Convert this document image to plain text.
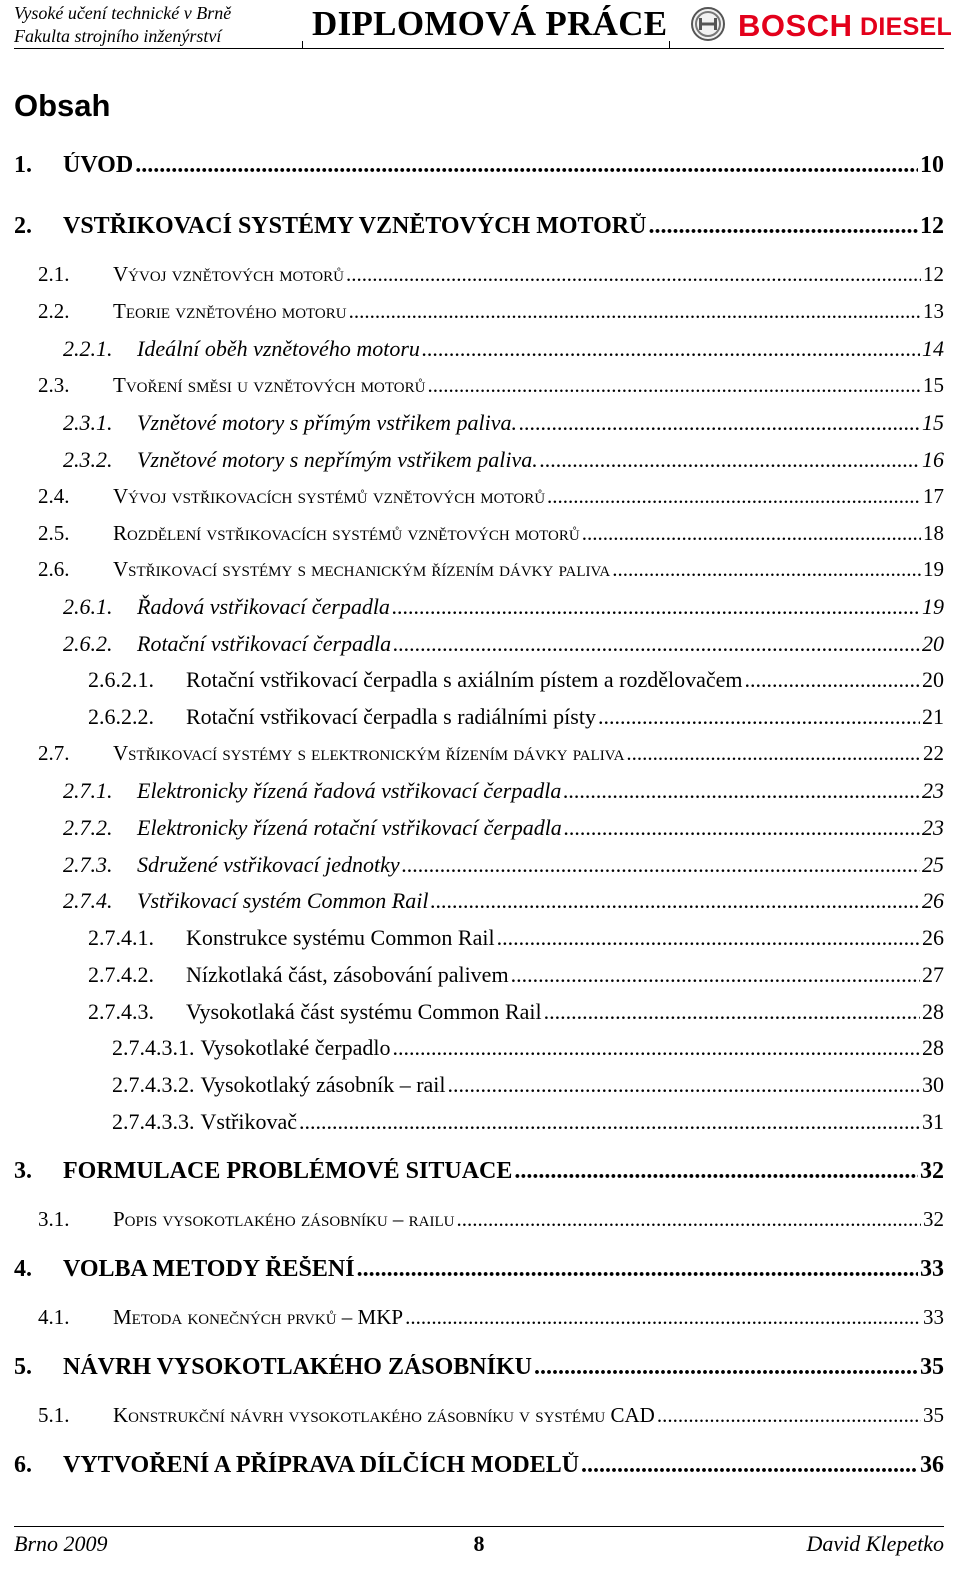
Vysoké učení technické v Brně
Fakulta strojního inženýrství	DIPLOMOVÁ PRÁCE BOSCH DIESEL
Obsah
1.	ÚVOD .....	10
2.	VSTŘIKOVACÍ SYSTÉMY VZNĚTOVÝCH MOTORŮ .....	12
2.1.	Vývoj vznětových motorů .....	12
2.2.	Teorie vznětového motoru .....	13
2.2.1.	Ideální oběh vznětového motoru .....	14
2.3.	Tvoření směsi u vznětových motorů .....	15
2.3.1.	Vznětové motory s přímým vstřikem paliva. .....	15
2.3.2.	Vznětové motory s nepřímým vstřikem paliva. .....	16
2.4.	Vývoj vstřikovacích systémů vznětových motorů .....	17
2.5.	Rozdělení vstřikovacích systémů vznětových motorů .....	18
2.6.	Vstřikovací systémy s mechanickým řízením dávky paliva .....	19
2.6.1.	Řadová vstřikovací čerpadla .....	19
2.6.2.	Rotační vstřikovací čerpadla .....	20
2.6.2.1.	Rotační vstřikovací čerpadla s axiálním pístem a rozdělovačem .....	20
2.6.2.2.	Rotační vstřikovací čerpadla s radiálními písty .....	21
2.7.	Vstřikovací systémy s elektronickým řízením dávky paliva .....	22
2.7.1.	Elektronicky řízená řadová vstřikovací čerpadla .....	23
2.7.2.	Elektronicky řízená rotační vstřikovací čerpadla .....	23
2.7.3.	Sdružené vstřikovací jednotky .....	25
2.7.4.	Vstřikovací systém Common Rail .....	26
2.7.4.1.	Konstrukce systému Common Rail .....	26
2.7.4.2.	Nízkotlaká část, zásobování palivem .....	27
2.7.4.3.	Vysokotlaká část systému Common Rail .....	28
2.7.4.3.1. Vysokotlaké čerpadlo .....	28
2.7.4.3.2. Vysokotlaký zásobník – rail .....	30
2.7.4.3.3. Vstřikovač .....	31
3.	FORMULACE PROBLÉMOVÉ SITUACE .....	32
3.1.	Popis vysokotlakého zásobníku – railu .....	32
4.	VOLBA METODY ŘEŠENÍ .....	33
4.1.	Metoda konečných prvků – MKP .....	33
5.	NÁVRH VYSOKOTLAKÉHO ZÁSOBNÍKU .....	35
5.1.	Konstrukční návrh vysokotlakého zásobníku v systému CAD .....	35
6.	VYTVOŘENÍ A PŘÍPRAVA DÍLČÍCH MODELŮ .....	36
Brno 2009	8	David Klepetko
